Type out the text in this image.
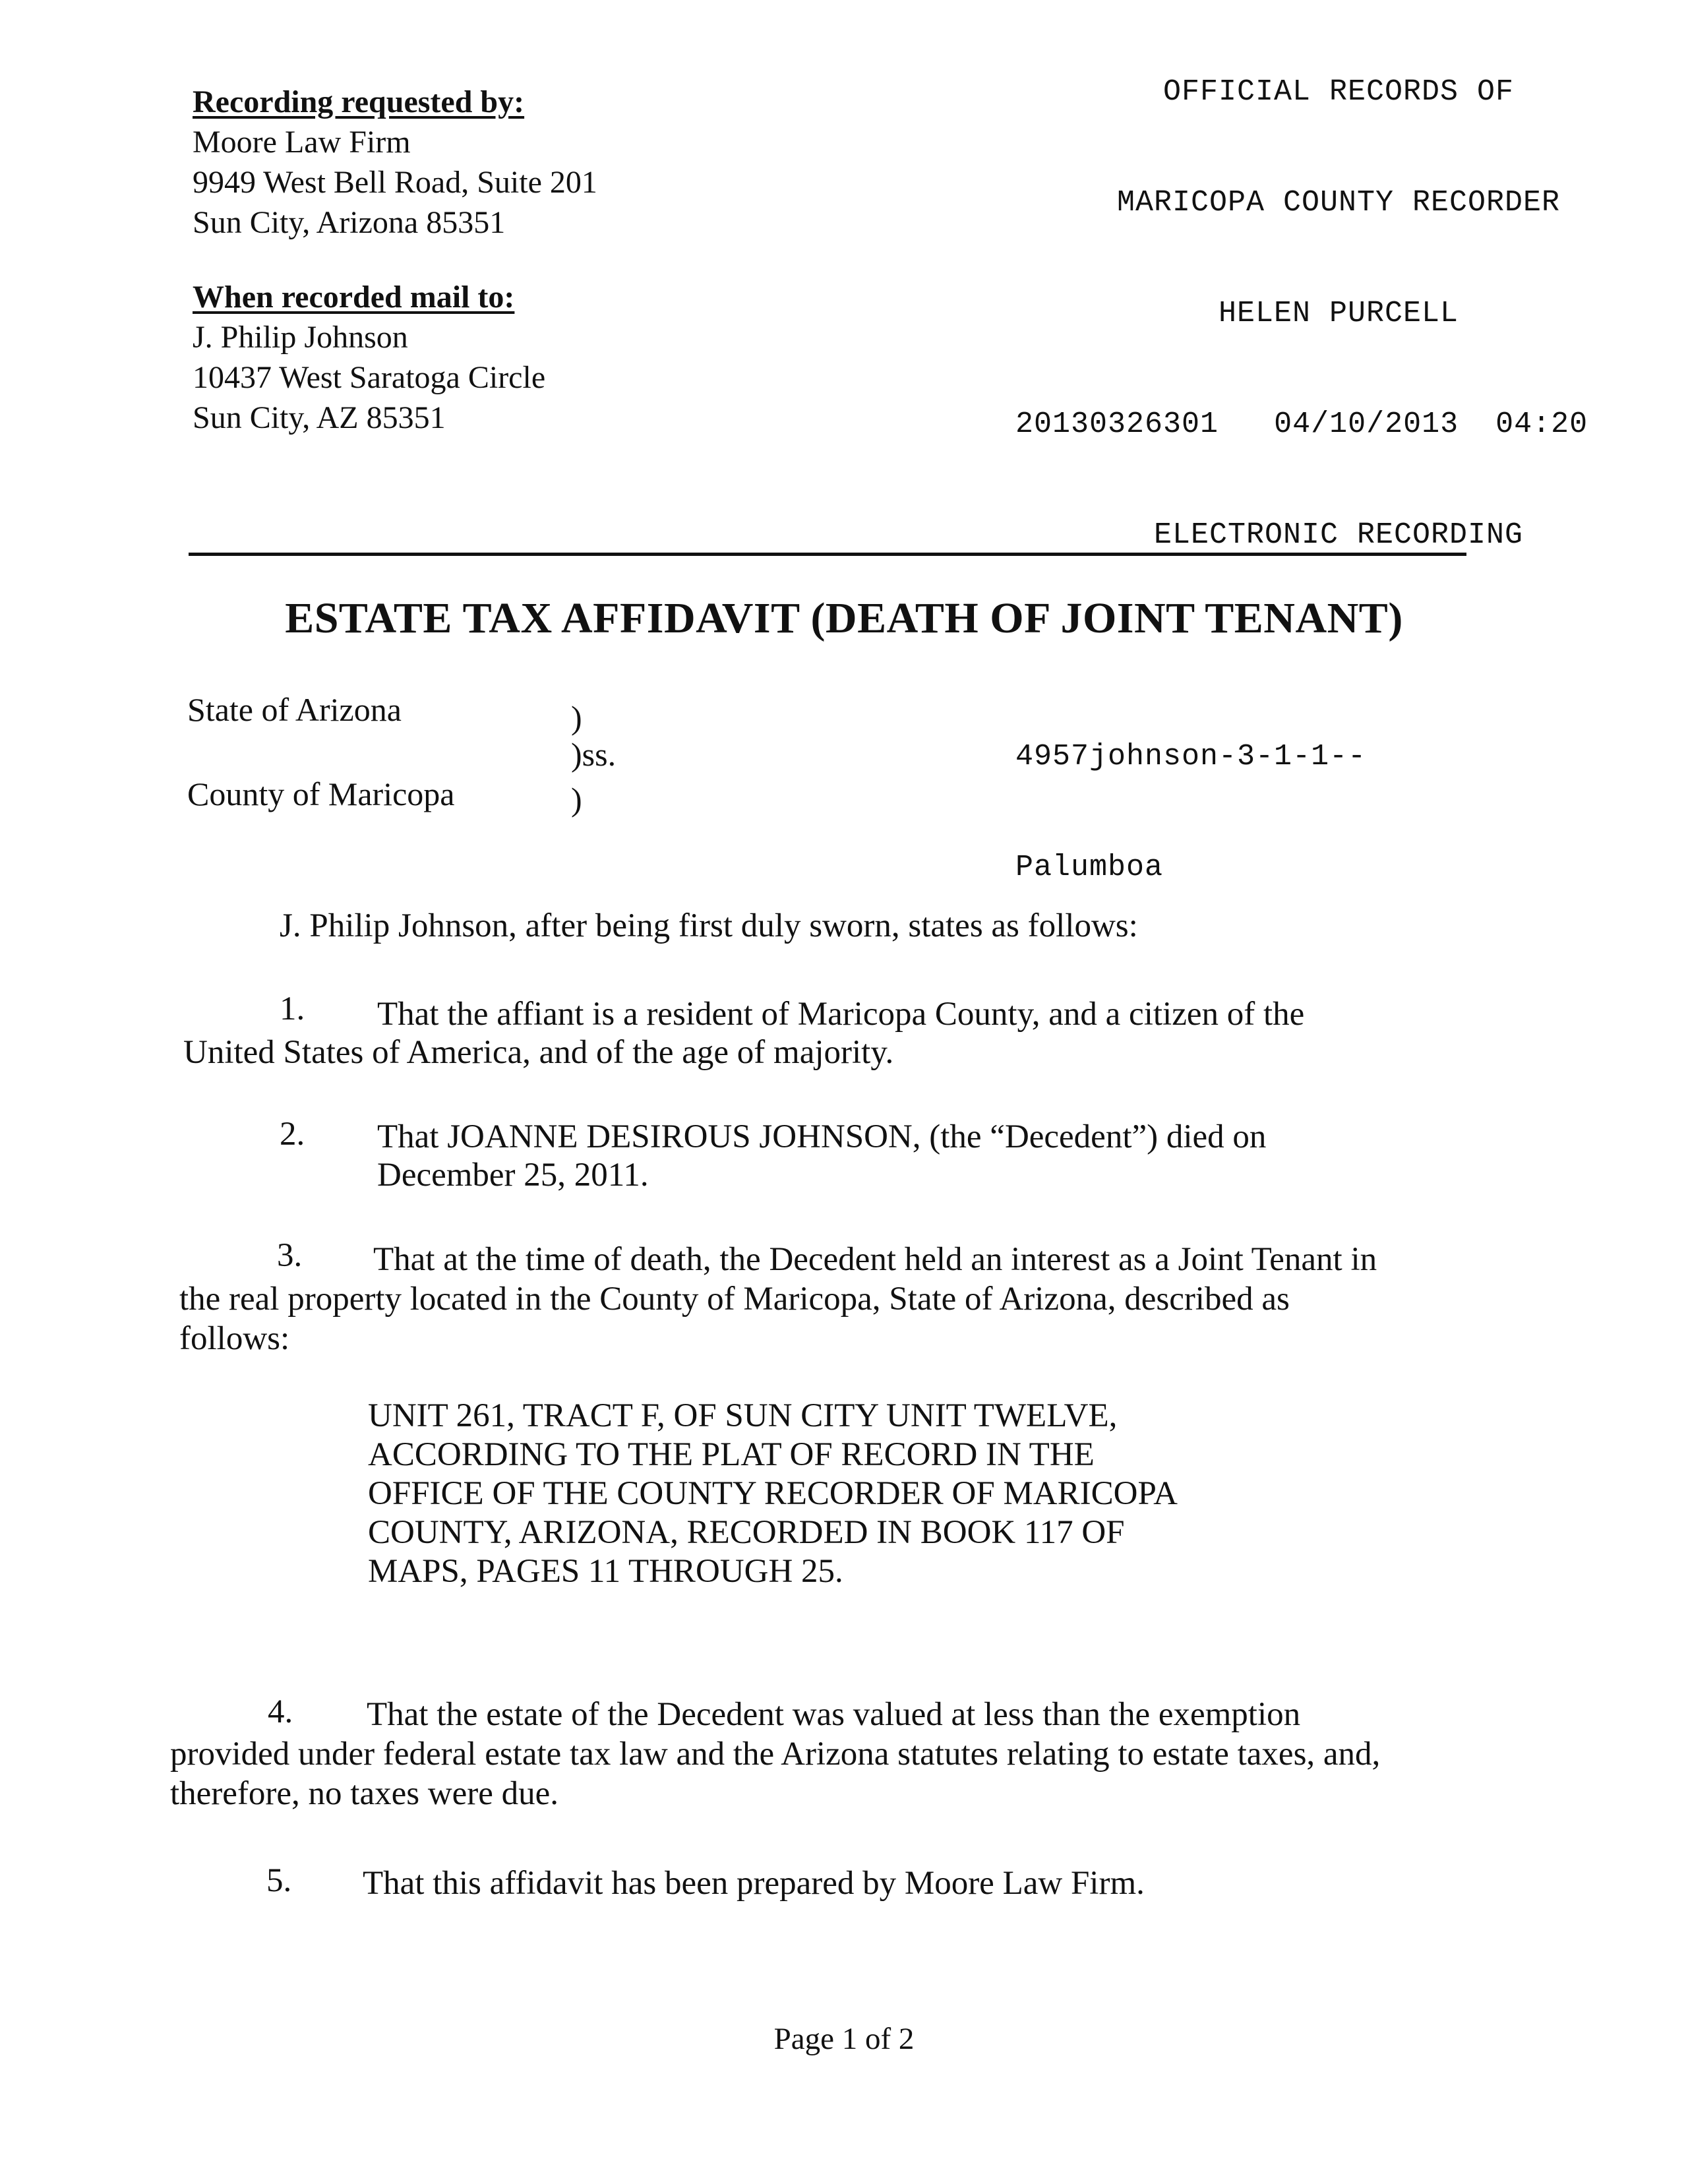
OFFICIAL RECORDS OF

MARICOPA COUNTY RECORDER

HELEN PURCELL

20130326301 04/10/2013 04:20

ELECTRONIC RECORDING

4957johnson-3-1-1--

Palumboa

Recording requested by:
Moore Law Firm
9949 West Bell Road, Suite 201
Sun City, Arizona 85351
When recorded mail to:
J. Philip Johnson
10437 West Saratoga Circle
Sun City, AZ 85351
ESTATE TAX AFFIDAVIT (DEATH OF JOINT TENANT)
State of Arizona
County of Maricopa
)
)ss.
)
J. Philip Johnson, after being first duly sworn, states as follows:
1. That the affiant is a resident of Maricopa County, and a citizen of the
United States of America, and of the age of majority.
2. That JOANNE DESIROUS JOHNSON, (the “Decedent”) died on
December 25, 2011.
3. That at the time of death, the Decedent held an interest as a Joint Tenant in
the real property located in the County of Maricopa, State of Arizona, described as
follows:
UNIT 261, TRACT F, OF SUN CITY UNIT TWELVE,
ACCORDING TO THE PLAT OF RECORD IN THE
OFFICE OF THE COUNTY RECORDER OF MARICOPA
COUNTY, ARIZONA, RECORDED IN BOOK 117 OF
MAPS, PAGES 11 THROUGH 25.
4. That the estate of the Decedent was valued at less than the exemption
provided under federal estate tax law and the Arizona statutes relating to estate taxes, and,
therefore, no taxes were due.
5. That this affidavit has been prepared by Moore Law Firm.
Page 1 of 2
